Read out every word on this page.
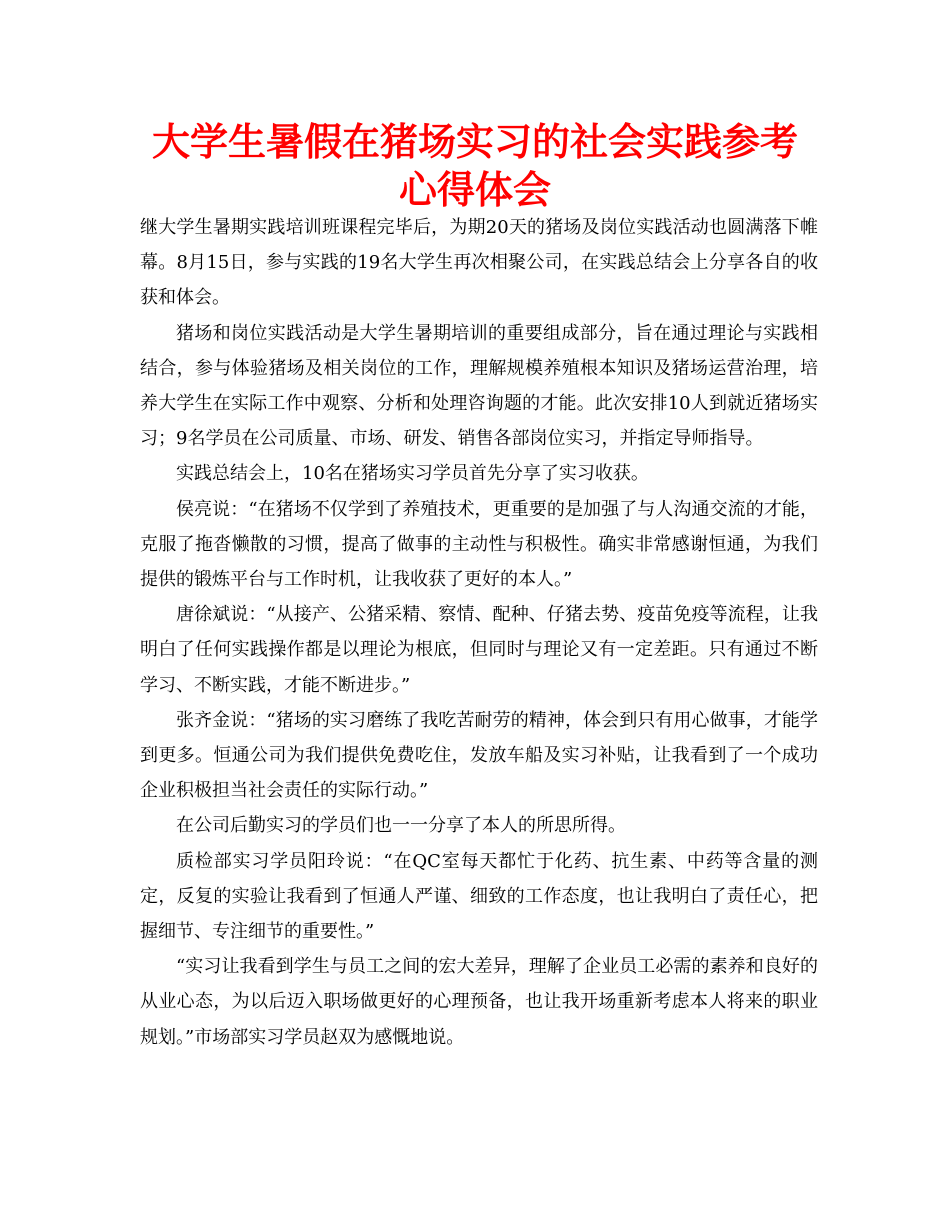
大学生暑假在猪场实习的社会实践参考心得体会

继大学生暑期实践培训班课程完毕后，为期20天的猪场及岗位实践活动也圆满落下帷幕。8月15日，参与实践的19名大学生再次相聚公司，在实践总结会上分享各自的收获和体会。

猪场和岗位实践活动是大学生暑期培训的重要组成部分，旨在通过理论与实践相结合，参与体验猪场及相关岗位的工作，理解规模养殖根本知识及猪场运营治理，培养大学生在实际工作中观察、分析和处理咨询题的才能。此次安排10人到就近猪场实习；9名学员在公司质量、市场、研发、销售各部岗位实习，并指定导师指导。

实践总结会上，10名在猪场实习学员首先分享了实习收获。

侯亮说：“在猪场不仅学到了养殖技术，更重要的是加强了与人沟通交流的才能，克服了拖沓懒散的习惯，提高了做事的主动性与积极性。确实非常感谢恒通，为我们提供的锻炼平台与工作时机，让我收获了更好的本人。”

唐徐斌说：“从接产、公猪采精、察情、配种、仔猪去势、疫苗免疫等流程，让我明白了任何实践操作都是以理论为根底，但同时与理论又有一定差距。只有通过不断学习、不断实践，才能不断进步。”

张齐金说：“猪场的实习磨练了我吃苦耐劳的精神，体会到只有用心做事，才能学到更多。恒通公司为我们提供免费吃住，发放车船及实习补贴，让我看到了一个成功企业积极担当社会责任的实际行动。”

在公司后勤实习的学员们也一一分享了本人的所思所得。

质检部实习学员阳玲说：“在QC室每天都忙于化药、抗生素、中药等含量的测定，反复的实验让我看到了恒通人严谨、细致的工作态度，也让我明白了责任心，把握细节、专注细节的重要性。”

“实习让我看到学生与员工之间的宏大差异，理解了企业员工必需的素养和良好的从业心态，为以后迈入职场做更好的心理预备，也让我开场重新考虑本人将来的职业规划。”市场部实习学员赵双为感慨地说。
